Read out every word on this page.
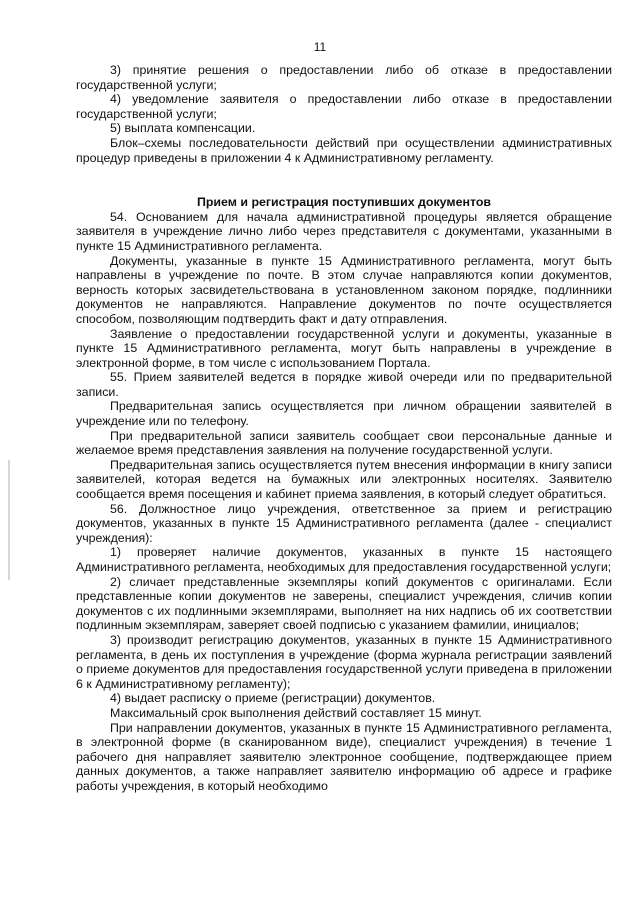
11

3) принятие решения о предоставлении либо об отказе в предоставлении государственной услуги;

4) уведомление заявителя о предоставлении либо отказе в предоставлении государственной услуги;

5) выплата компенсации.

Блок–схемы последовательности действий при осуществлении административных процедур приведены в приложении 4 к Административному регламенту.

Прием и регистрация поступивших документов

54. Основанием для начала административной процедуры является обращение заявителя в учреждение лично либо через представителя с документами, указанными в пункте 15 Административного регламента.

Документы, указанные в пункте 15 Административного регламента, могут быть направлены в учреждение по почте. В этом случае направляются копии документов, верность которых засвидетельствована в установленном законом порядке, подлинники документов не направляются. Направление документов по почте осуществляется способом, позволяющим подтвердить факт и дату отправления.

Заявление о предоставлении государственной услуги и документы, указанные в пункте 15 Административного регламента, могут быть направлены в учреждение в электронной форме, в том числе с использованием Портала.

55. Прием заявителей ведется в порядке живой очереди или по предварительной записи.

Предварительная запись осуществляется при личном обращении заявителей в учреждение или по телефону.

При предварительной записи заявитель сообщает свои персональные данные и желаемое время представления заявления на получение государственной услуги.

Предварительная запись осуществляется путем внесения информации в книгу записи заявителей, которая ведется на бумажных или электронных носителях. Заявителю сообщается время посещения и кабинет приема заявления, в который следует обратиться.

56. Должностное лицо учреждения, ответственное за прием и регистрацию документов, указанных в пункте 15 Административного регламента (далее - специалист учреждения):

1) проверяет наличие документов, указанных в пункте 15 настоящего Административного регламента, необходимых для предоставления государственной услуги;

2) сличает представленные экземпляры копий документов с оригиналами. Если представленные копии документов не заверены, специалист учреждения, сличив копии документов с их подлинными экземплярами, выполняет на них надпись об их соответствии подлинным экземплярам, заверяет своей подписью с указанием фамилии, инициалов;

3) производит регистрацию документов, указанных в пункте 15 Административного регламента, в день их поступления в учреждение (форма журнала регистрации заявлений о приеме документов для предоставления государственной услуги приведена в приложении 6 к Административному регламенту);

4) выдает расписку о приеме (регистрации) документов.

Максимальный срок выполнения действий составляет 15 минут.

При направлении документов, указанных в пункте 15 Административного регламента, в электронной форме (в сканированном виде), специалист учреждения) в течение 1 рабочего дня направляет заявителю электронное сообщение, подтверждающее прием данных документов, а также направляет заявителю информацию об адресе и графике работы учреждения, в который необходимо
